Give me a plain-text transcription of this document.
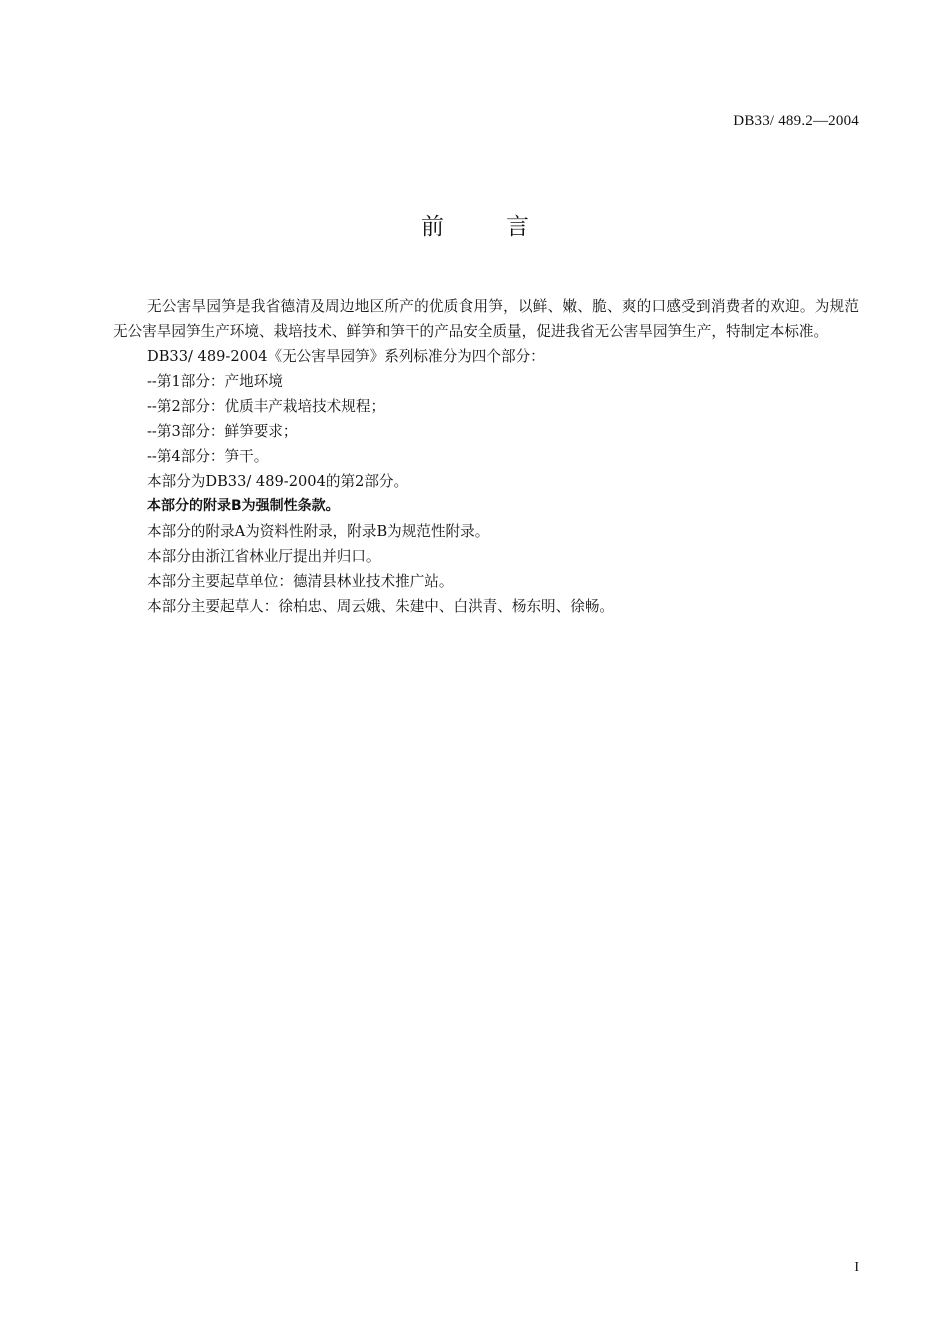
DB33/ 489.2—2004
前言

无公害旱园笋是我省德清及周边地区所产的优质食用笋，以鲜、嫩、脆、爽的口感受到消费者的欢迎。为规范无公害旱园笋生产环境、栽培技术、鲜笋和笋干的产品安全质量，促进我省无公害旱园笋生产，特制定本标准。

DB33/ 489-2004《无公害旱园笋》系列标准分为四个部分：

--第1部分：产地环境

--第2部分：优质丰产栽培技术规程；

--第3部分：鲜笋要求；

--第4部分：笋干。

本部分为DB33/ 489-2004的第2部分。

本部分的附录B为强制性条款。

本部分的附录A为资料性附录，附录B为规范性附录。

本部分由浙江省林业厅提出并归口。

本部分主要起草单位：德清县林业技术推广站。

本部分主要起草人：徐柏忠、周云娥、朱建中、白洪青、杨东明、徐畅。

I
